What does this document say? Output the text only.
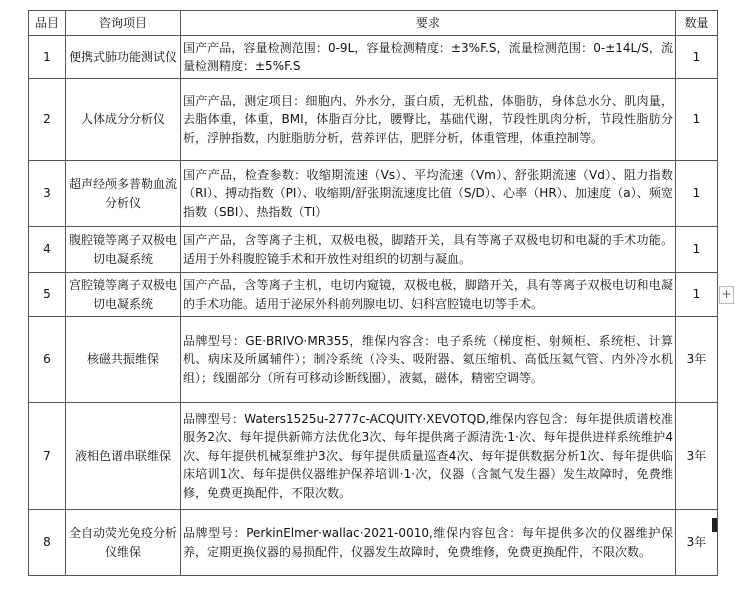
品目	咨询项目	要求	数量
1	便携式肺功能测试仪	国产产品，容量检测范围：0-9L，容量检测精度：±3%F.S，流量检测范围：0-±14L/S，流量检测精度：±5%F.S	1
2	人体成分分析仪	国产产品，测定项目：细胞内、外水分，蛋白质，无机盐，体脂肪，身体总水分、肌肉量，去脂体重，体重，BMI，体脂百分比，腰臀比，基础代谢，节段性肌肉分析，节段性脂肪分析，浮肿指数，内脏脂肪分析，营养评估，肥胖分析，体重管理，体重控制等。	1
3	超声经颅多普勒血流分析仪	国产产品，检查参数：收缩期流速（Vs）、平均流速（Vm）、舒张期流速（Vd）、阻力指数（RI）、搏动指数（PI）、收缩期/舒张期流速度比值（S/D）、心率（HR）、加速度（a）、频宽指数（SBI）、热指数（TI）	1
4	腹腔镜等离子双极电切电凝系统	国产产品，含等离子主机，双极电极，脚踏开关，具有等离子双极电切和电凝的手术功能。适用于外科腹腔镜手术和开放性对组织的切割与凝血。	1
5	宫腔镜等离子双极电切电凝系统	国产产品，含等离子主机，电切内窥镜，双极电极，脚踏开关，具有等离子双极电切和电凝的手术功能。适用于泌尿外科前列腺电切、妇科宫腔镜电切等手术。	1
6	核磁共振维保	品牌型号：GE·BRIVO·MR355，维保内容含：电子系统（梯度柜、射频柜、系统柜、计算机、病床及所属辅件）；制冷系统（冷头、吸附器、氦压缩机、高低压氦气管、内外冷水机组）；线圈部分（所有可移动诊断线圈），液氦，磁体，精密空调等。	3年
7	液相色谱串联维保	品牌型号：Waters1525u-2777c-ACQUITY·XEVOTQD,维保内容包含：每年提供质谱校准服务2次、每年提供新筛方法优化3次、每年提供离子源清洗·1·次、每年提供进样系统维护4次、每年提供机械泵维护3次、每年提供质量巡查4次、每年提供数据分析1次、每年提供临床培训1次、每年提供仪器维护保养培训·1·次，仪器（含氮气发生器）发生故障时，免费维修，免费更换配件，不限次数。	3年
8	全自动荧光免疫分析仪维保	品牌型号：PerkinElmer·wallac·2021-0010,维保内容包含：每年提供多次的仪器维护保养，定期更换仪器的易损配件，仪器发生故障时，免费维修，免费更换配件，不限次数。	3年
+
